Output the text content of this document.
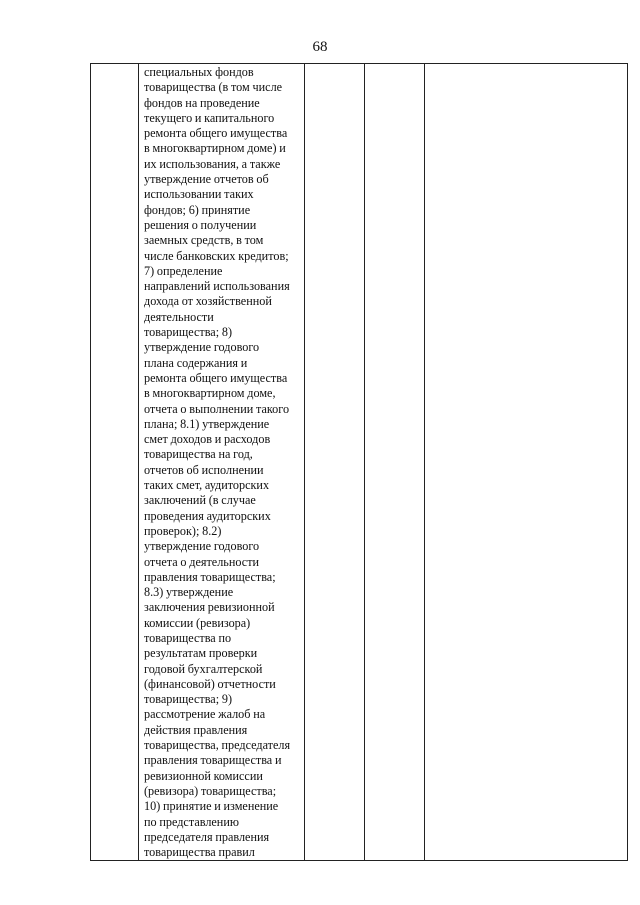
68

специальных фондов
товарищества (в том числе
фондов на проведение
текущего и капитального
ремонта общего имущества
в многоквартирном доме) и
их использования, а также
утверждение отчетов об
использовании таких
фондов; 6) принятие
решения о получении
заемных средств, в том
числе банковских кредитов;
7) определение
направлений использования
дохода от хозяйственной
деятельности
товарищества; 8)
утверждение годового
плана содержания и
ремонта общего имущества
в многоквартирном доме,
отчета о выполнении такого
плана; 8.1) утверждение
смет доходов и расходов
товарищества на год,
отчетов об исполнении
таких смет, аудиторских
заключений (в случае
проведения аудиторских
проверок); 8.2)
утверждение годового
отчета о деятельности
правления товарищества;
8.3) утверждение
заключения ревизионной
комиссии (ревизора)
товарищества по
результатам проверки
годовой бухгалтерской
(финансовой) отчетности
товарищества; 9)
рассмотрение жалоб на
действия правления
товарищества, председателя
правления товарищества и
ревизионной комиссии
(ревизора) товарищества;
10) принятие и изменение
по представлению
председателя правления
товарищества правил
